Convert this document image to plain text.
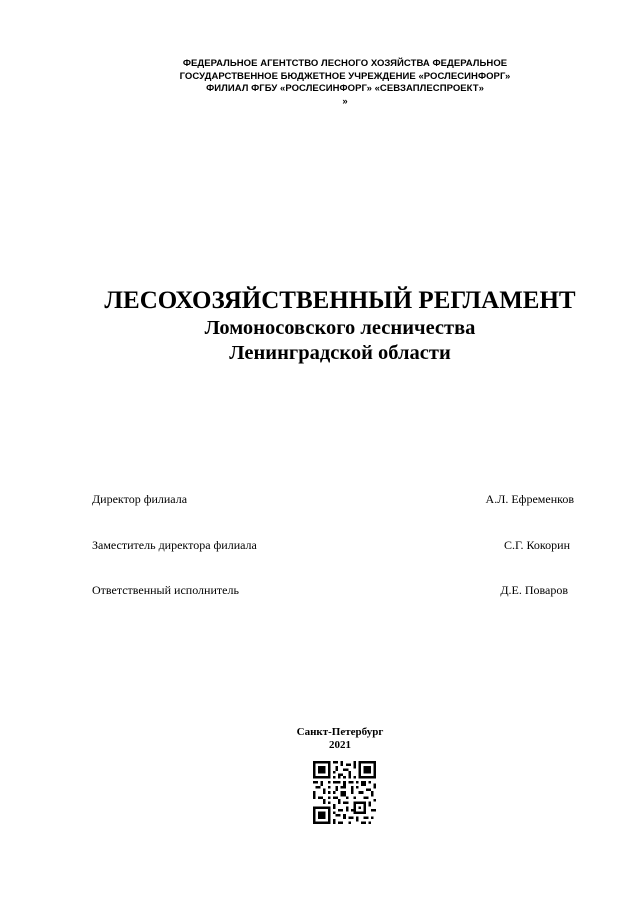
ФЕДЕРАЛЬНОЕ АГЕНТСТВО ЛЕСНОГО ХОЗЯЙСТВА ФЕДЕРАЛЬНОЕ
ГОСУДАРСТВЕННОЕ БЮДЖЕТНОЕ УЧРЕЖДЕНИЕ «РОСЛЕСИНФОРГ»
ФИЛИАЛ ФГБУ «РОСЛЕСИНФОРГ» «СЕВЗАПЛЕСПРОЕКТ»
»
ЛЕСОХОЗЯЙСТВЕННЫЙ РЕГЛАМЕНТ
Ломоносовского лесничества
Ленинградской области
Директор филиала	А.Л. Ефременков
Заместитель директора филиала	С.Г. Кокорин
Ответственный исполнитель	Д.Е. Поваров
Санкт-Петербург
2021
